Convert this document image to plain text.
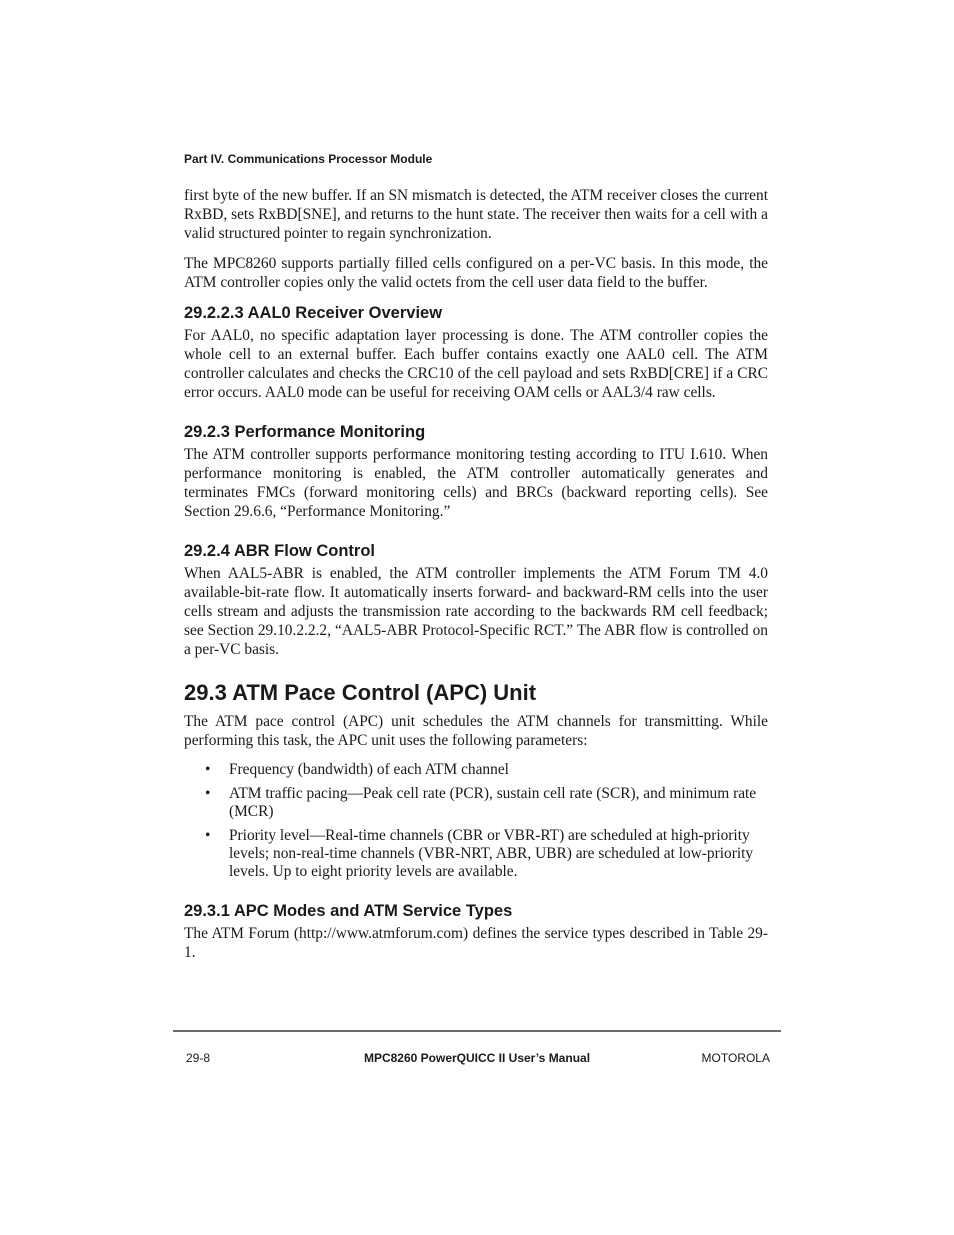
Part IV. Communications Processor Module

first byte of the new buffer. If an SN mismatch is detected, the ATM receiver closes the current RxBD, sets RxBD[SNE], and returns to the hunt state. The receiver then waits for a cell with a valid structured pointer to regain synchronization.

The MPC8260 supports partially filled cells configured on a per-VC basis. In this mode, the ATM controller copies only the valid octets from the cell user data field to the buffer.

29.2.2.3 AAL0 Receiver Overview

For AAL0, no specific adaptation layer processing is done. The ATM controller copies the whole cell to an external buffer. Each buffer contains exactly one AAL0 cell. The ATM controller calculates and checks the CRC10 of the cell payload and sets RxBD[CRE] if a CRC error occurs. AAL0 mode can be useful for receiving OAM cells or AAL3/4 raw cells.

29.2.3 Performance Monitoring

The ATM controller supports performance monitoring testing according to ITU I.610. When performance monitoring is enabled, the ATM controller automatically generates and terminates FMCs (forward monitoring cells) and BRCs (backward reporting cells). See Section 29.6.6, “Performance Monitoring.”

29.2.4 ABR Flow Control

When AAL5-ABR is enabled, the ATM controller implements the ATM Forum TM 4.0 available-bit-rate flow. It automatically inserts forward- and backward-RM cells into the user cells stream and adjusts the transmission rate according to the backwards RM cell feedback; see Section 29.10.2.2.2, “AAL5-ABR Protocol-Specific RCT.” The ABR flow is controlled on a per-VC basis.

29.3 ATM Pace Control (APC) Unit

The ATM pace control (APC) unit schedules the ATM channels for transmitting. While performing this task, the APC unit uses the following parameters:

• Frequency (bandwidth) of each ATM channel
• ATM traffic pacing—Peak cell rate (PCR), sustain cell rate (SCR), and minimum rate (MCR)
• Priority level—Real-time channels (CBR or VBR-RT) are scheduled at high-priority levels; non-real-time channels (VBR-NRT, ABR, UBR) are scheduled at low-priority levels. Up to eight priority levels are available.
29.3.1 APC Modes and ATM Service Types

The ATM Forum (http://www.atmforum.com) defines the service types described in Table 29-1.

29-8	MPC8260 PowerQUICC II User’s Manual	MOTOROLA
